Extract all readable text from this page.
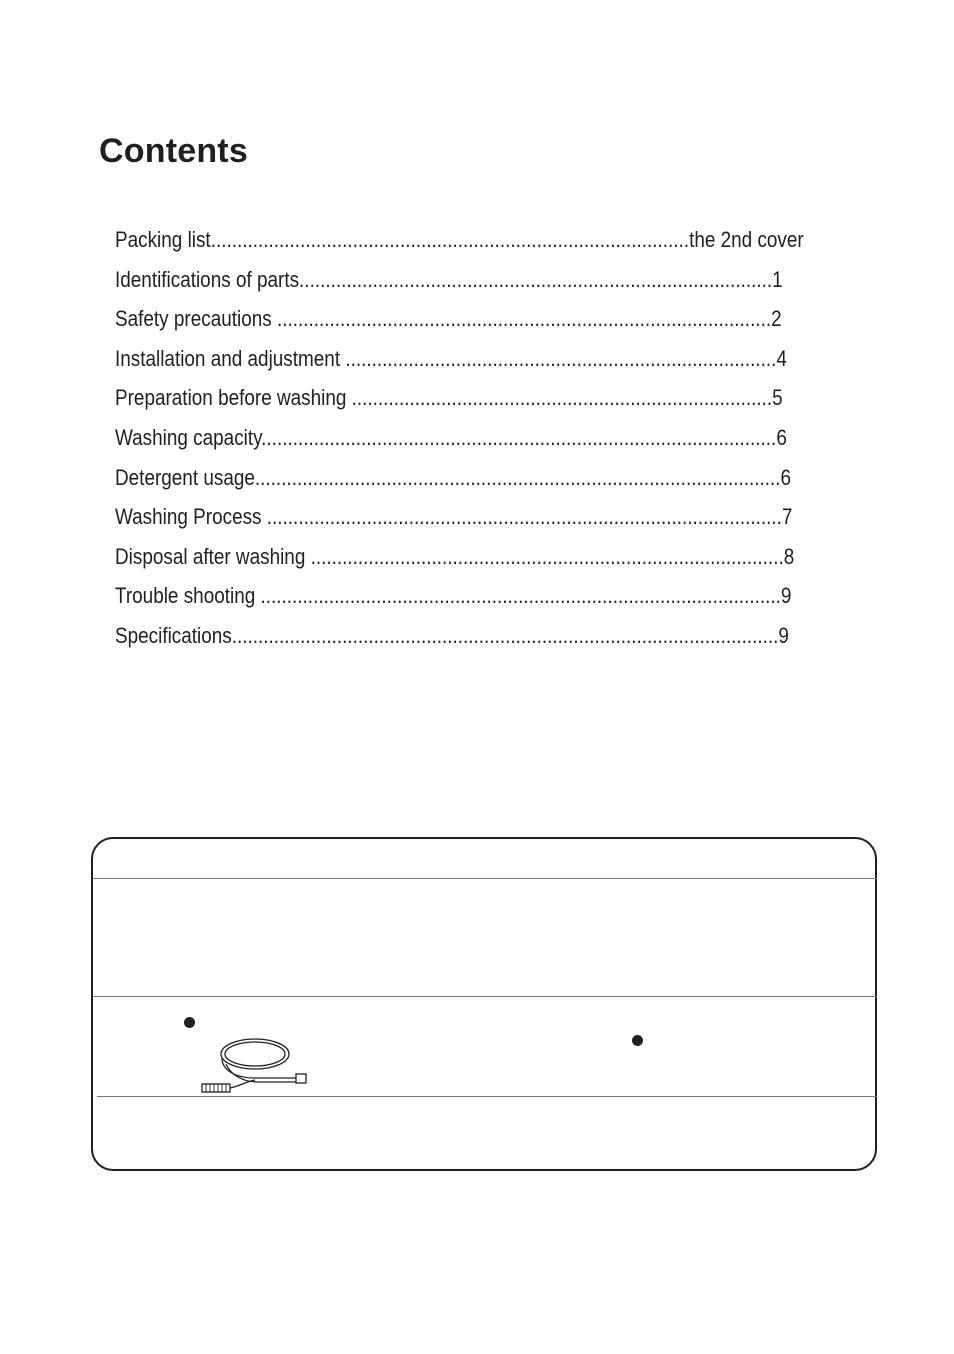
Contents
Packing list...........................................................................................the 2nd cover
Identifications of parts..........................................................................................1
Safety precautions ..............................................................................................2
Installation and adjustment ..................................................................................4
Preparation before washing ................................................................................5
Washing capacity..................................................................................................6
Detergent usage....................................................................................................6
Washing Process ..................................................................................................7
Disposal after washing ..........................................................................................8
Trouble shooting ...................................................................................................9
Specifications........................................................................................................9
